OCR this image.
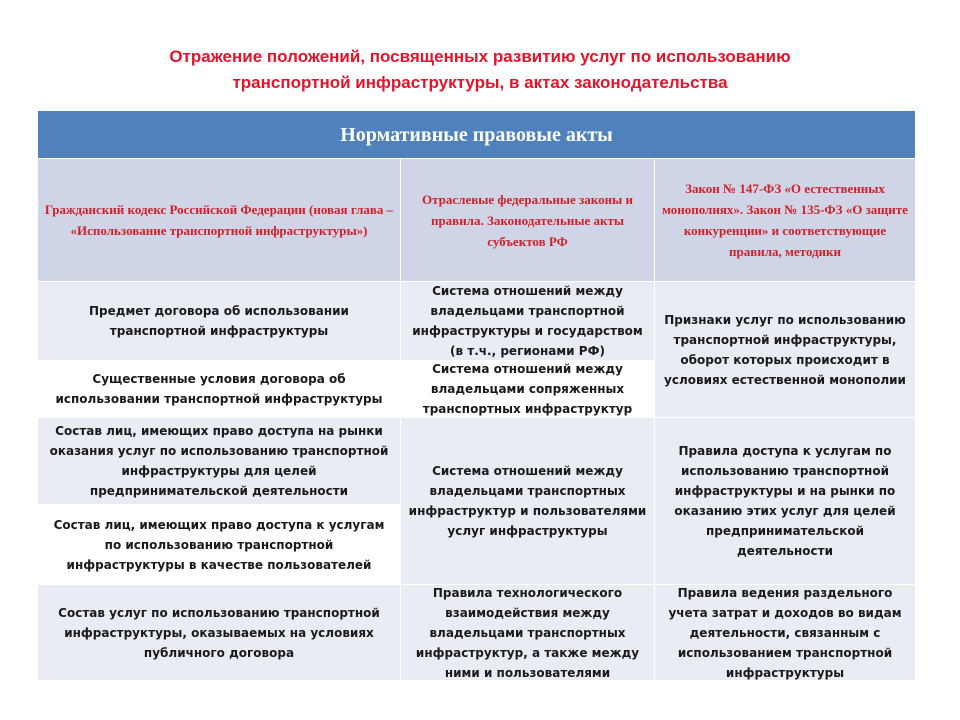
Отражение положений, посвященных развитию услуг по использованию
транспортной инфраструктуры, в актах законодательства
Нормативные правовые акты
Гражданский кодекс Российской Федерации (новая глава – «Использование транспортной инфраструктуры»)
Отраслевые федеральные законы и правила. Законодательные акты субъектов РФ
Закон № 147-ФЗ «О естественных монополиях». Закон № 135-ФЗ «О защите конкуренции» и соответствующие правила, методики
Предмет договора об использовании транспортной инфраструктуры
Существенные условия договора об использовании транспортной инфраструктуры
Состав лиц, имеющих право доступа на рынки оказания услуг по использованию транспортной инфраструктуры для целей предпринимательской деятельности
Состав лиц, имеющих право доступа к услугам по использованию транспортной инфраструктуры в качестве пользователей
Состав услуг по использованию транспортной инфраструктуры, оказываемых на условиях публичного договора
Система отношений между владельцами транспортной инфраструктуры и государством (в т.ч., регионами РФ)
Система отношений между владельцами сопряженных транспортных инфраструктур
Система отношений между владельцами транспортных инфраструктур и пользователями услуг инфраструктуры
Правила технологического взаимодействия между владельцами транспортных инфраструктур, а также между ними и пользователями
Признаки услуг по использованию транспортной инфраструктуры, оборот которых происходит в условиях естественной монополии
Правила доступа к услугам по использованию транспортной инфраструктуры и на рынки по оказанию этих услуг для целей предпринимательской деятельности
Правила ведения раздельного учета затрат и доходов во видам деятельности, связанным с использованием транспортной инфраструктуры
